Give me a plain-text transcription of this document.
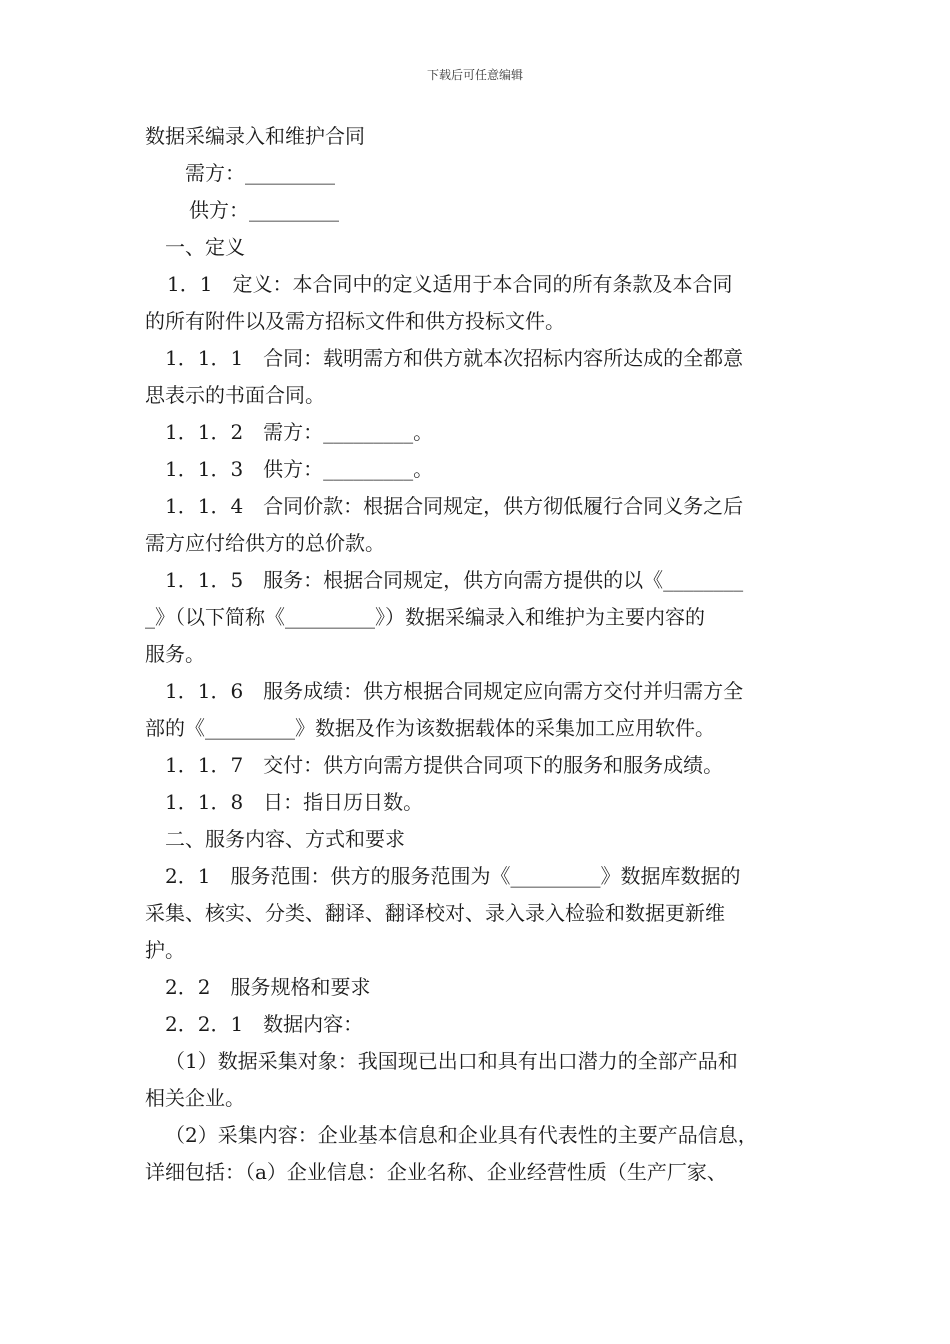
下载后可任意编辑
数据采编录入和维护合同
需方：_________
供方：_________
一、定义
1．1　定义：本合同中的定义适用于本合同的所有条款及本合同
的所有附件以及需方招标文件和供方投标文件。
1．1．1　合同：载明需方和供方就本次招标内容所达成的全都意
思表示的书面合同。
1．1．2　需方：_________。
1．1．3　供方：_________。
1．1．4　合同价款：根据合同规定，供方彻低履行合同义务之后
需方应付给供方的总价款。
1．1．5　服务：根据合同规定，供方向需方提供的以《________
_》（以下简称《_________》）数据采编录入和维护为主要内容的
服务。
1．1．6　服务成绩：供方根据合同规定应向需方交付并归需方全
部的《_________》数据及作为该数据载体的采集加工应用软件。
1．1．7　交付：供方向需方提供合同项下的服务和服务成绩。
1．1．8　日：指日历日数。
二、服务内容、方式和要求
2．1　服务范围：供方的服务范围为《_________》数据库数据的
采集、核实、分类、翻译、翻译校对、录入录入检验和数据更新维
护。
2．2　服务规格和要求
2．2．1　数据内容：
（1）数据采集对象：我国现已出口和具有出口潜力的全部产品和
相关企业。
（2）采集内容：企业基本信息和企业具有代表性的主要产品信息，
详细包括：（a）企业信息：企业名称、企业经营性质（生产厂家、
